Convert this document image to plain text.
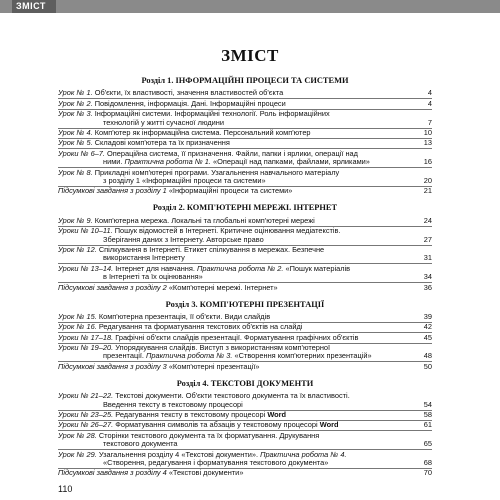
ЗМІСТ
ЗМІСТ
Розділ 1. ІНФОРМАЦІЙНІ ПРОЦЕСИ ТА СИСТЕМИ
Урок № 1. Об'єкти, їх властивості, значення властивостей об'єкта	4
Урок № 2. Повідомлення, інформація. Дані. Інформаційні процеси	4
Урок № 3. Інформаційні системи. Інформаційні технології. Роль інформаційних
технологій у житті сучасної людини	7
Урок № 4. Комп'ютер як інформаційна система. Персональний комп'ютер	10
Урок № 5. Складові комп'ютера та їх призначення	13
Уроки № 6–7. Операційна система, її призначення. Файли, папки і ярлики, операції над
ними. Практична робота № 1. «Операції над папками, файлами, ярликами»	16
Урок № 8. Прикладні комп'ютерні програми. Узагальнення навчального матеріалу
з розділу 1 «Інформаційні процеси та системи»	20
Підсумкові завдання з розділу 1 «Інформаційні процеси та системи»	21
Розділ 2. КОМП'ЮТЕРНІ МЕРЕЖІ. ІНТЕРНЕТ
Урок № 9. Комп'ютерна мережа. Локальні та глобальні комп'ютерні мережі	24
Уроки № 10–11. Пошук відомостей в Інтернеті. Критичне оцінювання медіатекстів.
Зберігання даних з Інтернету. Авторське право	27
Урок № 12. Спілкування в Інтернеті. Етикет спілкування в мережах. Безпечне
використання Інтернету	31
Уроки № 13–14. Інтернет для навчання. Практична робота № 2. «Пошук матеріалів
в Інтернеті та їх оцінювання»	34
Підсумкові завдання з розділу 2 «Комп'ютерні мережі. Інтернет»	36
Розділ 3. КОМП'ЮТЕРНІ ПРЕЗЕНТАЦІЇ
Урок № 15. Комп'ютерна презентація, її об'єкти. Види слайдів	39
Урок № 16. Редагування та форматування текстових об'єктів на слайді	42
Уроки № 17–18. Графічні об'єкти слайдів презентації. Форматування графічних об'єктів	45
Уроки № 19–20. Упорядкування слайдів. Виступ з використанням комп'ютерної
презентації. Практична робота № 3. «Створення комп'ютерних презентацій»	48
Підсумкові завдання з розділу 3 «Комп'ютерні презентації»	50
Розділ 4. ТЕКСТОВІ ДОКУМЕНТИ
Уроки № 21–22. Текстові документи. Об'єкти текстового документа та їх властивості.
Введення тексту в текстовому процесорі	54
Уроки № 23–25. Редагування тексту в текстовому процесорі Word	58
Уроки № 26–27. Форматування символів та абзаців у текстовому процесорі Word	61
Урок № 28. Сторінки текстового документа та їх форматування. Друкування
текстового документа	65
Урок № 29. Узагальнення розділу 4 «Текстові документи». Практична робота № 4.
«Створення, редагування і форматування текстового документа»	68
Підсумкові завдання з розділу 4 «Текстові документи»	70
110
